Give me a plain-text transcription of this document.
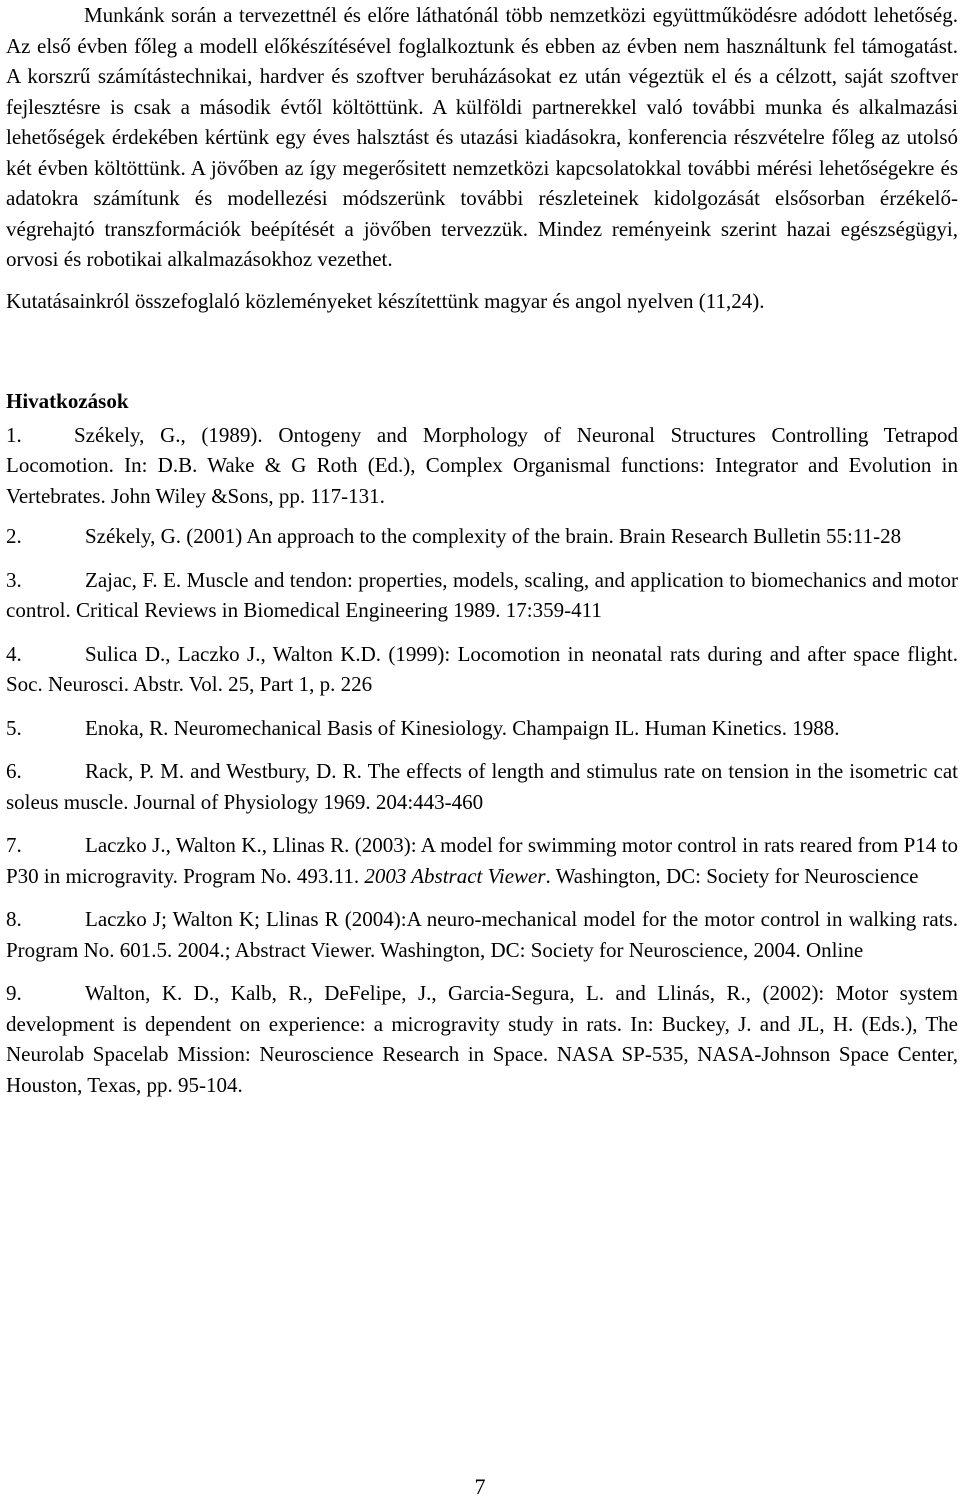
Munkánk során a tervezettnél és előre láthatónál több nemzetközi együttműködésre adódott lehetőség. Az első évben főleg a modell előkészítésével foglalkoztunk és ebben az évben nem használtunk fel támogatást. A korszrű számítástechnikai, hardver és szoftver beruházásokat ez után végeztük el és a célzott, saját szoftver fejlesztésre is csak a második évtől költöttünk. A külföldi partnerekkel való további munka és alkalmazási lehetőségek érdekében kértünk egy éves halsztást és utazási kiadásokra, konferencia részvételre főleg az utolsó két évben költöttünk. A jövőben az így megerősitett nemzetközi kapcsolatokkal további mérési lehetőségekre és adatokra számítunk és modellezési módszerünk további részleteinek kidolgozását elsősorban érzékelő-végrehajtó transzformációk beépítését a jövőben tervezzük. Mindez reményeink szerint hazai egészségügyi, orvosi és robotikai alkalmazásokhoz vezethet.

Kutatásainkról összefoglaló közleményeket készítettünk magyar és angol nyelven (11,24).

Hivatkozások

1. Székely, G., (1989). Ontogeny and Morphology of Neuronal Structures Controlling Tetrapod Locomotion. In: D.B. Wake & G Roth (Ed.), Complex Organismal functions: Integrator and Evolution in Vertebrates. John Wiley &Sons, pp. 117-131.

2.	Székely, G. (2001) An approach to the complexity of the brain. Brain Research Bulletin 55:11-28

3.	Zajac, F. E. Muscle and tendon: properties, models, scaling, and application to biomechanics and motor control. Critical Reviews in Biomedical Engineering 1989. 17:359-411

4.	Sulica D., Laczko J., Walton K.D. (1999): Locomotion in neonatal rats during and after space flight. Soc. Neurosci. Abstr. Vol. 25, Part 1, p. 226

5.	Enoka, R. Neuromechanical Basis of Kinesiology. Champaign IL. Human Kinetics. 1988.

6.	Rack, P. M. and Westbury, D. R. The effects of length and stimulus rate on tension in the isometric cat soleus muscle. Journal of Physiology 1969. 204:443-460

7.	Laczko J., Walton K., Llinas R. (2003): A model for swimming motor control in rats reared from P14 to P30 in microgravity. Program No. 493.11. 2003 Abstract Viewer. Washington, DC: Society for Neuroscience

8.	Laczko J; Walton K; Llinas R (2004):A neuro-mechanical model for the motor control in walking rats. Program No. 601.5. 2004.; Abstract Viewer. Washington, DC: Society for Neuroscience, 2004. Online

9.	Walton, K. D., Kalb, R., DeFelipe, J., Garcia-Segura, L. and Llinás, R., (2002): Motor system development is dependent on experience: a microgravity study in rats. In: Buckey, J. and JL, H. (Eds.), The Neurolab Spacelab Mission: Neuroscience Research in Space. NASA SP-535, NASA-Johnson Space Center, Houston, Texas, pp. 95-104.

7
